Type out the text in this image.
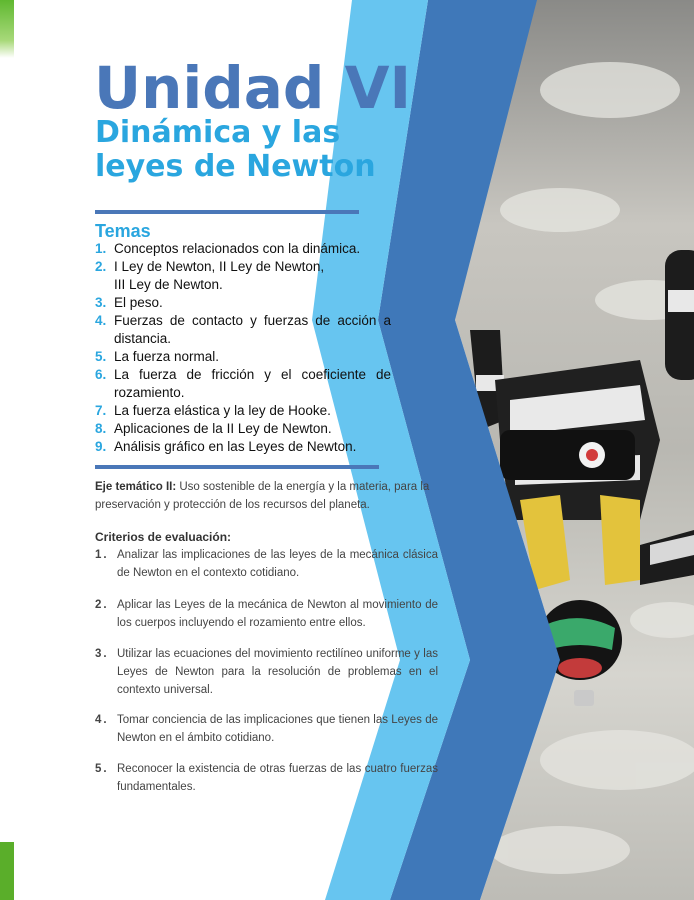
Unidad VI
Dinámica y las
leyes de Newton
Temas
1. Conceptos relacionados con la dinámica.
2. I Ley de Newton, II Ley de Newton,
III Ley de Newton.
3. El peso.
4. Fuerzas de contacto y fuerzas de acción a distancia.
5. La fuerza normal.
6. La fuerza de fricción y el coeficiente de rozamiento.
7. La fuerza elástica y la ley de Hooke.
8. Aplicaciones de la II Ley de Newton.
9. Análisis gráfico en las Leyes de Newton.

Eje temático II: Uso sostenible de la energía y la materia, para la preservación y protección de los recursos del planeta.

Criterios de evaluación:
1. Analizar las implicaciones de las leyes de la mecánica clásica de Newton en el contexto cotidiano.
2. Aplicar las Leyes de la mecánica de Newton al movimiento de los cuerpos incluyendo el rozamiento entre ellos.
3. Utilizar las ecuaciones del movimiento rectilíneo uniforme y las Leyes de Newton para la resolución de problemas en el contexto universal.
4. Tomar conciencia de las implicaciones que tienen las Leyes de Newton en el ámbito cotidiano.
5. Reconocer la existencia de otras fuerzas de las cuatro fuerzas fundamentales.
